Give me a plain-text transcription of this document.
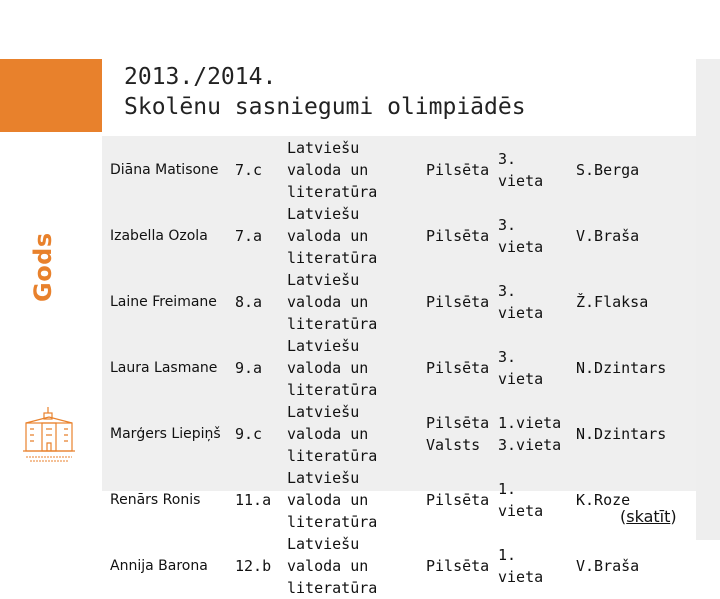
Gods
2013./2014.
Skolēnu sasniegumi olimpiādēs
Diāna Matisone	7.c	Latviešu valoda un literatūra	Pilsēta	3. vieta	S.Berga
Izabella Ozola	7.a	Latviešu valoda un literatūra	Pilsēta	3. vieta	V.Braša
Laine Freimane	8.a	Latviešu valoda un literatūra	Pilsēta	3. vieta	Ž.Flaksa
Laura Lasmane	9.a	Latviešu valoda un literatūra	Pilsēta	3. vieta	N.Dzintars
Marģers Liepiņš	9.c	Latviešu valoda un literatūra	Pilsēta Valsts	1.vieta 3.vieta	N.Dzintars
Renārs Ronis	11.a	Latviešu valoda un literatūra	Pilsēta	1. vieta	K.Roze
Annija Barona	12.b	Latviešu valoda un literatūra	Pilsēta	1. vieta	V.Braša
(skatīt)
